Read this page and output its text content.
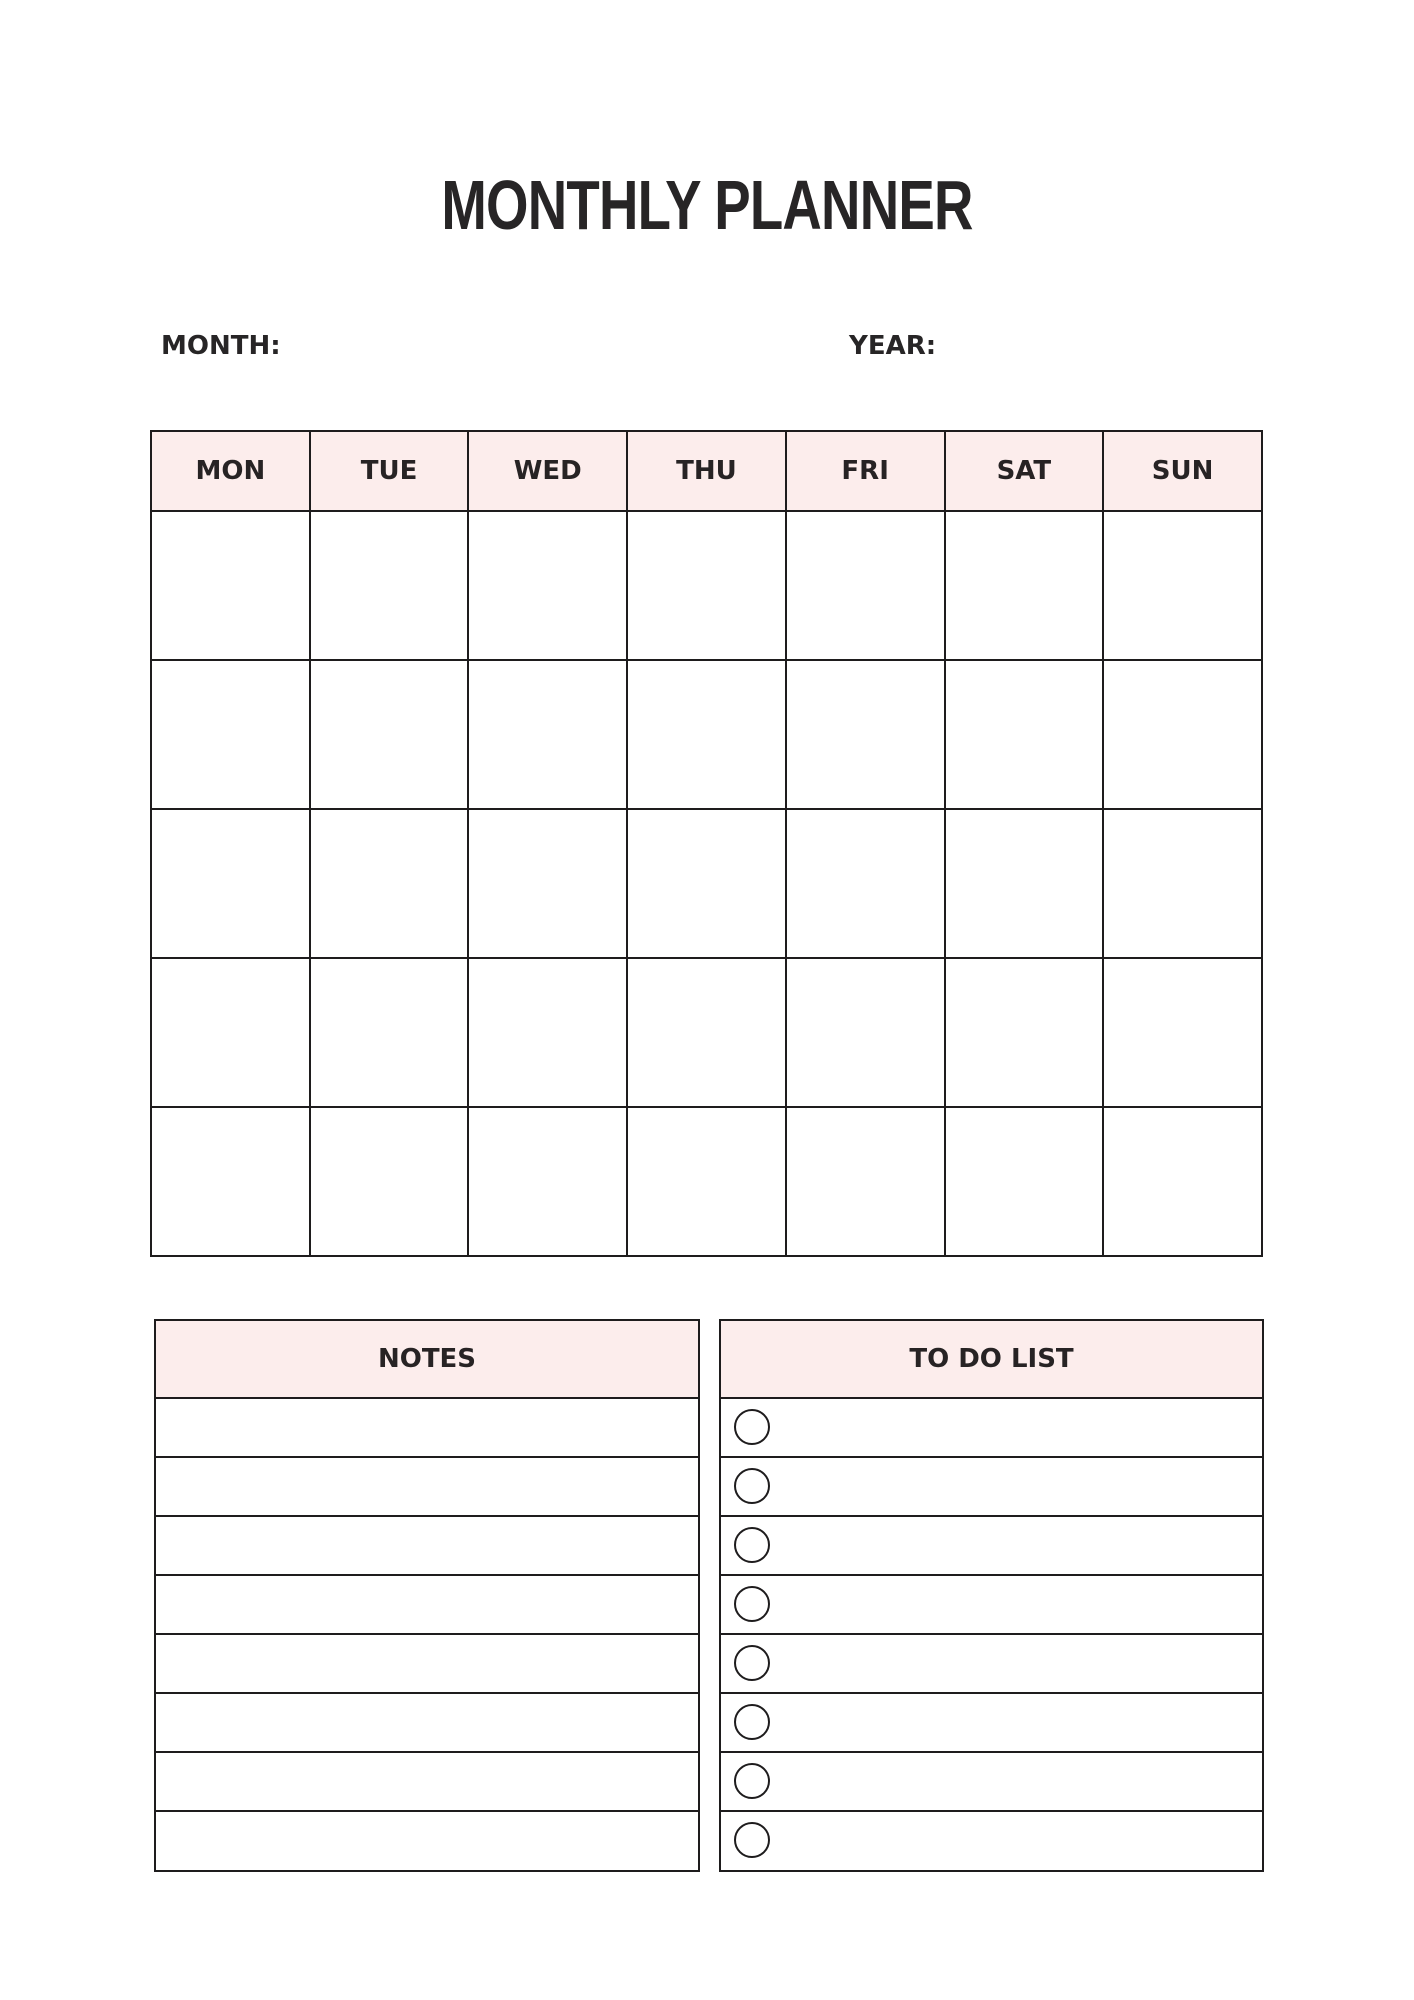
MONTHLY PLANNER
MONTH:	YEAR:
MON	TUE	WED	THU	FRI	SAT	SUN

NOTES	TO DO LIST
